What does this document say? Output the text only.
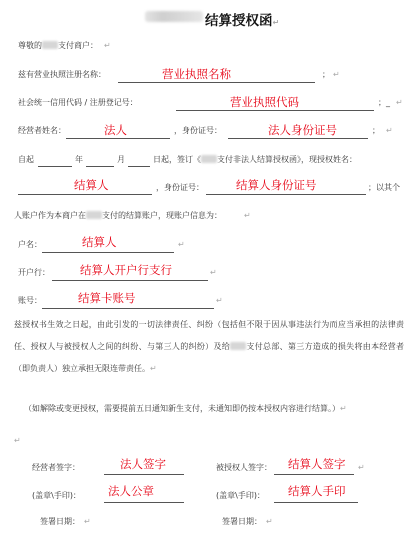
结算授权函↵
尊敬的 支付商户： ↵
兹有营业执照注册名称：	营业执照名称	； ↵
社会统一信用代码 / 注册登记号：	营业执照代码	；_ ↵
经营者姓名：	法人	，身份证号：	法人身份证号	； ↵
自起	年	月	日起，签订《 支付非法人结算授权函》，现授权姓名：
结算人	，身份证号：	结算人身份证号	；以其个
人账户作为本商户在 支付的结算账户，现账户信息为：	↵
户名：	结算人	↵
开户行：	结算人开户行支行	↵
账号：	结算卡账号	↵
兹授权书生效之日起，由此引发的一切法律责任、纠纷（包括但不限于因从事违法行为而应当承担的法律责任、授权人与被授权人之间的纠纷、与第三人的纠纷）及给 支付总部、第三方造成的损失将由本经营者（即负责人）独立承担无限连带责任。↵
（如解除或变更授权，需要提前五日通知新生支付，未通知即仍按本授权内容进行结算。）↵
↵
经营者签字：	法人签字	被授权人签字： 结算人签字 ↵
(盖章\手印)： 法人公章	(盖章\手印)： 结算人手印
签署日期： ↵	签署日期： ↵
